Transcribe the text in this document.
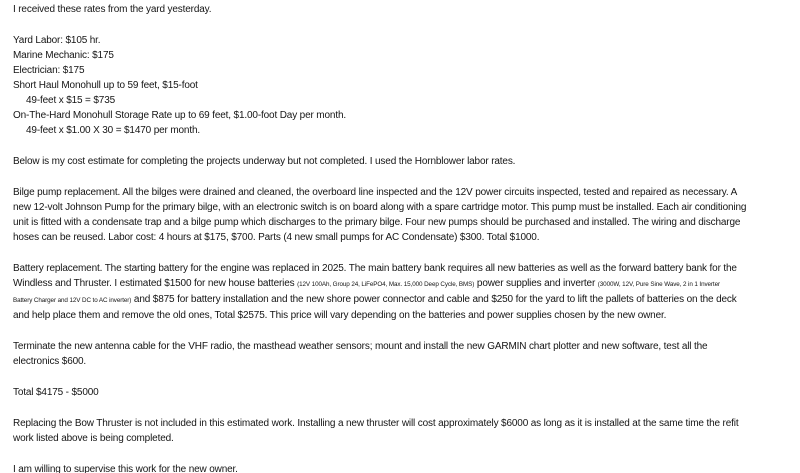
I received these rates from the yard yesterday.
Yard Labor: $105 hr.
Marine Mechanic: $175
Electrician: $175
Short Haul Monohull up to 59 feet, $15-foot
49-feet x $15 = $735
On-The-Hard Monohull Storage Rate up to 69 feet, $1.00-foot Day per month.
49-feet x $1.00 X 30 = $1470 per month.
Below is my cost estimate for completing the projects underway but not completed. I used the Hornblower labor rates.
Bilge pump replacement. All the bilges were drained and cleaned, the overboard line inspected and the 12V power circuits inspected, tested and repaired as necessary. A
new 12-volt Johnson Pump for the primary bilge, with an electronic switch is on board along with a spare cartridge motor. This pump must be installed. Each air conditioning
unit is fitted with a condensate trap and a bilge pump which discharges to the primary bilge. Four new pumps should be purchased and installed. The wiring and discharge
hoses can be reused. Labor cost: 4 hours at $175, $700. Parts (4 new small pumps for AC Condensate) $300. Total $1000.
Battery replacement. The starting battery for the engine was replaced in 2025. The main battery bank requires all new batteries as well as the forward battery bank for the
Windless and Thruster. I estimated $1500 for new house batteries (12V 100Ah, Group 24, LiFePO4, Max. 15,000 Deep Cycle, BMS) power supplies and inverter (3000W, 12V, Pure Sine Wave, 2 in 1 Inverter
Battery Charger and 12V DC to AC inverter) and $875 for battery installation and the new shore power connector and cable and $250 for the yard to lift the pallets of batteries on the deck
and help place them and remove the old ones, Total $2575. This price will vary depending on the batteries and power supplies chosen by the new owner.
Terminate the new antenna cable for the VHF radio, the masthead weather sensors; mount and install the new GARMIN chart plotter and new software, test all the
electronics $600.
Total $4175 - $5000
Replacing the Bow Thruster is not included in this estimated work. Installing a new thruster will cost approximately $6000 as long as it is installed at the same time the refit
work listed above is being completed.
I am willing to supervise this work for the new owner.
